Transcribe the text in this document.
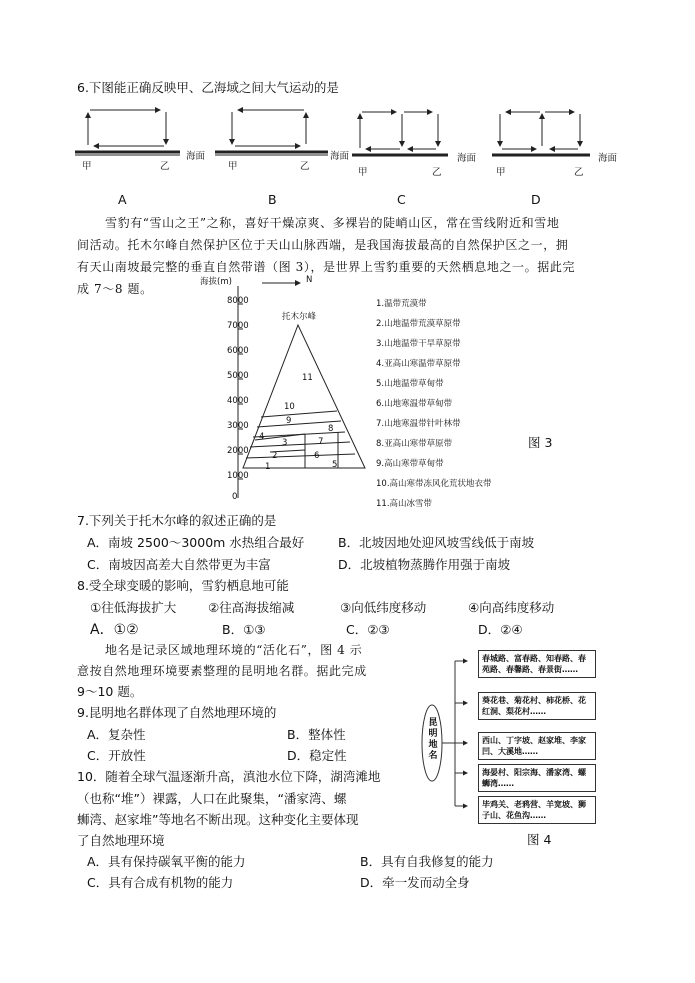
6.下图能正确反映甲、乙海域之间大气运动的是
甲	乙
海面
甲	乙
海面
甲	乙
海面
甲	乙
海面
A	B	C	D
雪豹有“雪山之王”之称，喜好干燥凉爽、多裸岩的陡峭山区，常在雪线附近和雪地
间活动。托木尔峰自然保护区位于天山山脉西端，是我国海拔最高的自然保护区之一，拥
有天山南坡最完整的垂直自然带谱（图 3），是世界上雪豹重要的天然栖息地之一。据此完
成 7～8 题。	海拔(m)	N
8000
7000
6000
5000
4000
3000
2000
1000
0
托木尔峰
11
10
9
8
7
6
5
4
3
2
1
1.温带荒漠带
2.山地温带荒漠草原带
3.山地温带干旱草原带
4.亚高山寒温带草原带
5.山地温带草甸带
6.山地寒温带草甸带
7.山地寒温带针叶林带
8.亚高山寒带草原带
9.高山寒带草甸带
10.高山寒带冻风化荒状地衣带
11.高山冰雪带
图 3
7.下列关于托木尔峰的叙述正确的是
A．南坡 2500～3000m 水热组合最好	B．北坡因地处迎风坡雪线低于南坡
C．南坡因高差大自然带更为丰富	D．北坡植物蒸腾作用强于南坡
8.受全球变暖的影响，雪豹栖息地可能
①往低海拔扩大	②往高海拔缩减	③向低纬度移动	④向高纬度移动
A．①②	B．①③	C．②③	D．②④
地名是记录区域地理环境的“活化石”，图 4 示
意按自然地理环境要素整理的昆明地名群。据此完成
9～10 题。
9.昆明地名群体现了自然地理环境的
A．复杂性	B．整体性
C．开放性	D．稳定性
10．随着全球气温逐渐升高，滇池水位下降，湖湾滩地
（也称“堆”）裸露，人口在此聚集，“潘家湾、螺
蛳湾、赵家堆”等地名不断出现。这种变化主要体现
了自然地理环境
A．具有保持碳氧平衡的能力	B．具有自我修复的能力
C．具有合成有机物的能力	D．牵一发而动全身
昆明地名
春城路、富春路、知春路、春苑路、春馨路、春景街……
葵花巷、菊花村、柿花桥、花红洞、梨花村……
西山、丁字坡、赵家堆、李家凹、大溪地……
海晏村、阳宗海、潘家湾、螺蛳湾……
毕鸡关、老鸦营、羊宽坡、狮子山、花鱼沟……
图 4
